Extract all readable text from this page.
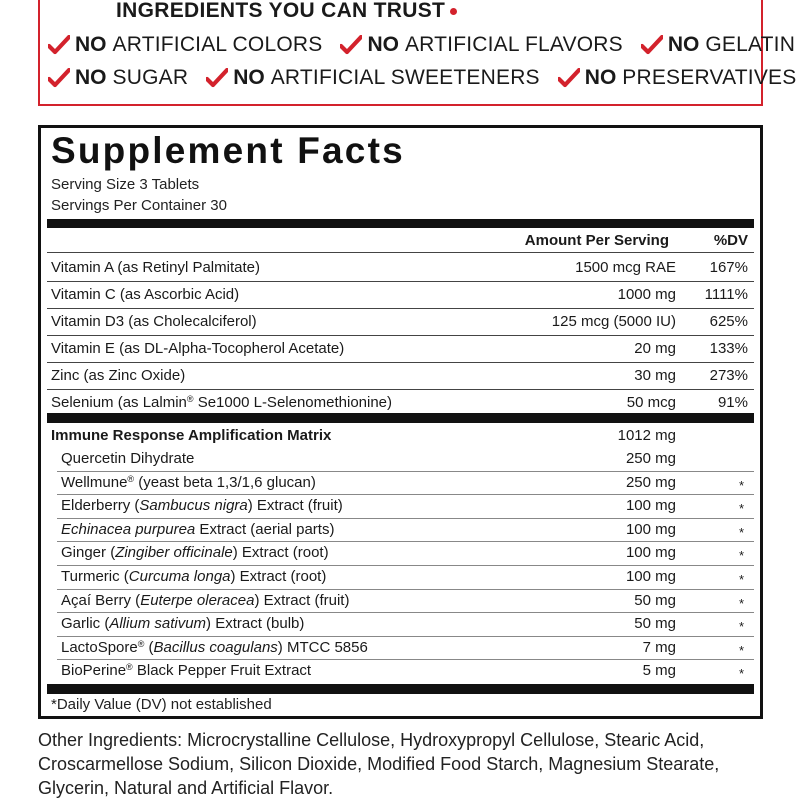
INGREDIENTS YOU CAN TRUST
NO ARTIFICIAL COLORS NO ARTIFICIAL FLAVORS NO GELATIN
NO SUGAR NO ARTIFICIAL SWEETENERS NO PRESERVATIVES
Supplement Facts
Serving Size 3 Tablets
Servings Per Container 30
Amount Per Serving	%DV
Vitamin A (as Retinyl Palmitate)	1500 mcg RAE 167%
Vitamin C (as Ascorbic Acid)	1000 mg 1111%
Vitamin D3 (as Cholecalciferol)	125 mcg (5000 IU) 625%
Vitamin E (as DL-Alpha-Tocopherol Acetate)	20 mg 133%
Zinc (as Zinc Oxide)	30 mg 273%
Selenium (as Lalmin® Se1000 L-Selenomethionine)	50 mcg	91%
Immune Response Amplification Matrix	1012 mg
Quercetin Dihydrate	250 mg
Wellmune® (yeast beta 1,3/1,6 glucan)	250 mg	*
Elderberry (Sambucus nigra) Extract (fruit)	100 mg	*
Echinacea purpurea Extract (aerial parts)	100 mg	*
Ginger (Zingiber officinale) Extract (root)	100 mg	*
Turmeric (Curcuma longa) Extract (root)	100 mg	*
Açaí Berry (Euterpe oleracea) Extract (fruit)	50 mg	*
Garlic (Allium sativum) Extract (bulb)	50 mg	*
LactoSpore® (Bacillus coagulans) MTCC 5856	7 mg	*
BioPerine® Black Pepper Fruit Extract	5 mg	*
*Daily Value (DV) not established
Other Ingredients: Microcrystalline Cellulose, Hydroxypropyl Cellulose, Stearic Acid, Croscarmellose Sodium, Silicon Dioxide, Modified Food Starch, Magnesium Stearate, Glycerin, Natural and Artificial Flavor.
